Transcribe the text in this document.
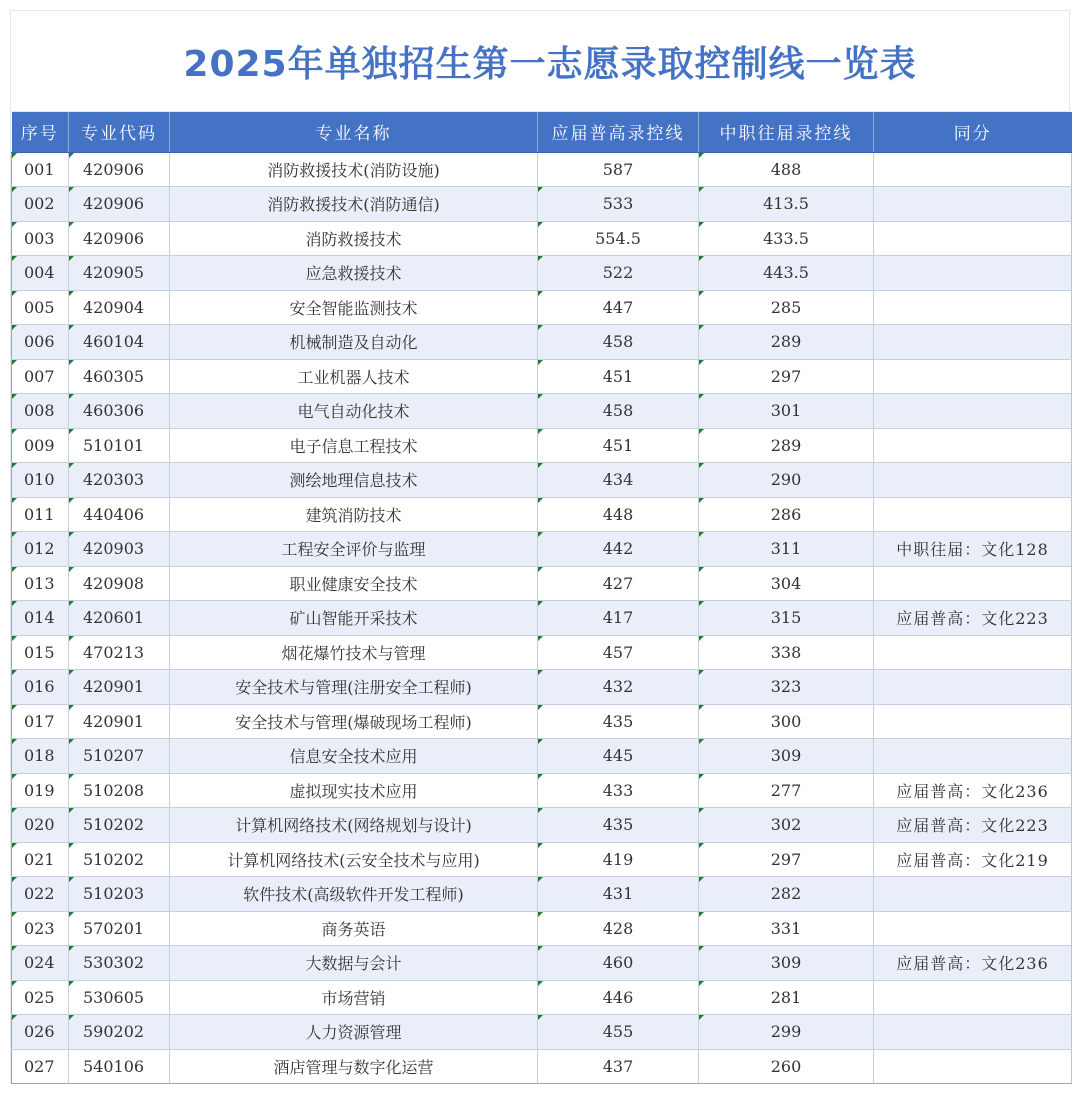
2025年单独招生第一志愿录取控制线一览表
序号	专业代码	专业名称	应届普高录控线	中职往届录控线	同分
001	420906	消防救援技术(消防设施)	587	488	
002	420906	消防救援技术(消防通信)	533	413.5	
003	420906	消防救援技术	554.5	433.5	
004	420905	应急救援技术	522	443.5	
005	420904	安全智能监测技术	447	285	
006	460104	机械制造及自动化	458	289	
007	460305	工业机器人技术	451	297	
008	460306	电气自动化技术	458	301	
009	510101	电子信息工程技术	451	289	
010	420303	测绘地理信息技术	434	290	
011	440406	建筑消防技术	448	286	
012	420903	工程安全评价与监理	442	311	中职往届：文化128
013	420908	职业健康安全技术	427	304	
014	420601	矿山智能开采技术	417	315	应届普高：文化223
015	470213	烟花爆竹技术与管理	457	338	
016	420901	安全技术与管理(注册安全工程师)	432	323	
017	420901	安全技术与管理(爆破现场工程师)	435	300	
018	510207	信息安全技术应用	445	309	
019	510208	虚拟现实技术应用	433	277	应届普高：文化236
020	510202	计算机网络技术(网络规划与设计)	435	302	应届普高：文化223
021	510202	计算机网络技术(云安全技术与应用)	419	297	应届普高：文化219
022	510203	软件技术(高级软件开发工程师)	431	282	
023	570201	商务英语	428	331	
024	530302	大数据与会计	460	309	应届普高：文化236
025	530605	市场营销	446	281	
026	590202	人力资源管理	455	299	
027	540106	酒店管理与数字化运营	437	260	
